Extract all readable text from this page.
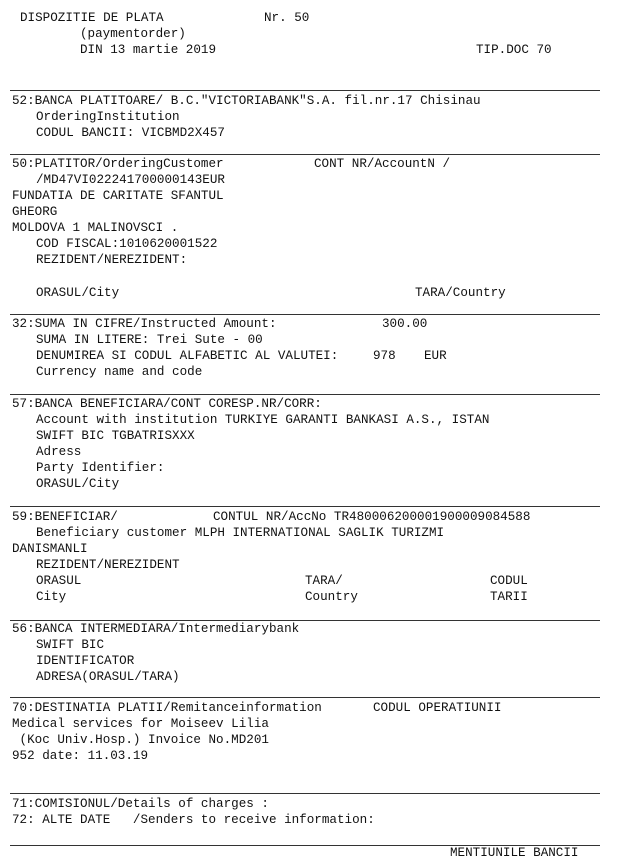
DISPOZITIE DE PLATA	Nr. 50
(paymentorder)
DIN 13 martie 2019	TIP.DOC 70
52:BANCA PLATITOARE/ B.C."VICTORIABANK"S.A. fil.nr.17 Chisinau
OrderingInstitution
CODUL BANCII: VICBMD2X457
50:PLATITOR/OrderingCustomer	CONT NR/AccountN /
/MD47VI022241700000143EUR
FUNDATIA DE CARITATE SFANTUL
GHEORG
MOLDOVA 1 MALINOVSCI .
COD FISCAL:1010620001522
REZIDENT/NEREZIDENT:
ORASUL/City	TARA/Country
32:SUMA IN CIFRE/Instructed Amount:	300.00
SUMA IN LITERE: Trei Sute - 00
DENUMIREA SI CODUL ALFABETIC AL VALUTEI:	978 EUR
Currency name and code
57:BANCA BENEFICIARA/CONT CORESP.NR/CORR:
Account with institution TURKIYE GARANTI BANKASI A.S., ISTAN
SWIFT BIC TGBATRISXXX
Adress
Party Identifier:
ORASUL/City
59:BENEFICIAR/	CONTUL NR/AccNo TR480006200001900009084588
Beneficiary customer MLPH INTERNATIONAL SAGLIK TURIZMI
DANISMANLI
REZIDENT/NEREZIDENT
ORASUL	TARA/	CODUL
City	Country	TARII
56:BANCA INTERMEDIARA/Intermediarybank
SWIFT BIC
IDENTIFICATOR
ADRESA(ORASUL/TARA)
70:DESTINATIA PLATII/Remitanceinformation	CODUL OPERATIUNII
Medical services for Moiseev Lilia
(Koc Univ.Hosp.) Invoice No.MD201
952 date: 11.03.19
71:COMISIONUL/Details of charges :
72: ALTE DATE   /Senders to receive information:
MENTIUNILE BANCII
